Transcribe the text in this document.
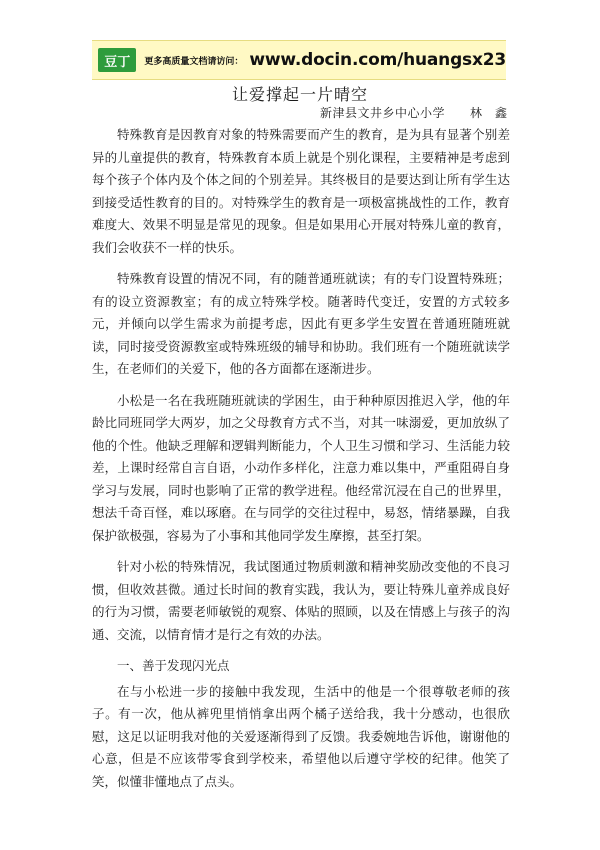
豆丁	更多高质量文档请访问： www.docin.com/huangsx23
让爱撑起一片晴空
新津县文井乡中心小学　　林　鑫

特殊教育是因教育对象的特殊需要而产生的教育，是为具有显著个别差异的儿童提供的教育，特殊教育本质上就是个别化课程，主要精神是考虑到每个孩子个体内及个体之间的个别差异。其终极目的是要达到让所有学生达到接受适性教育的目的。对特殊学生的教育是一项极富挑战性的工作，教育难度大、效果不明显是常见的现象。但是如果用心开展对特殊儿童的教育，我们会收获不一样的快乐。

特殊教育设置的情况不同，有的随普通班就读；有的专门设置特殊班；有的设立资源教室；有的成立特殊学校。随著時代变迁，安置的方式较多元，并倾向以学生需求为前提考虑，因此有更多学生安置在普通班随班就读，同时接受资源教室或特殊班级的辅导和协助。我们班有一个随班就读学生，在老师们的关爱下，他的各方面都在逐渐进步。

小松是一名在我班随班就读的学困生，由于种种原因推迟入学，他的年龄比同班同学大两岁，加之父母教育方式不当，对其一味溺爱，更加放纵了他的个性。他缺乏理解和逻辑判断能力，个人卫生习惯和学习、生活能力较差，上课时经常自言自语，小动作多样化，注意力难以集中，严重阻碍自身学习与发展，同时也影响了正常的教学进程。他经常沉浸在自己的世界里，想法千奇百怪，难以琢磨。在与同学的交往过程中，易怒，情绪暴躁，自我保护欲极强，容易为了小事和其他同学发生摩擦，甚至打架。

针对小松的特殊情况，我试图通过物质刺激和精神奖励改变他的不良习惯，但收效甚微。通过长时间的教育实践，我认为，要让特殊儿童养成良好的行为习惯，需要老师敏锐的观察、体贴的照顾，以及在情感上与孩子的沟通、交流，以情育情才是行之有效的办法。

一、善于发现闪光点

在与小松进一步的接触中我发现，生活中的他是一个很尊敬老师的孩子。有一次，他从裤兜里悄悄拿出两个橘子送给我，我十分感动，也很欣慰，这足以证明我对他的关爱逐渐得到了反馈。我委婉地告诉他，谢谢他的心意，但是不应该带零食到学校来，希望他以后遵守学校的纪律。他笑了笑，似懂非懂地点了点头。
